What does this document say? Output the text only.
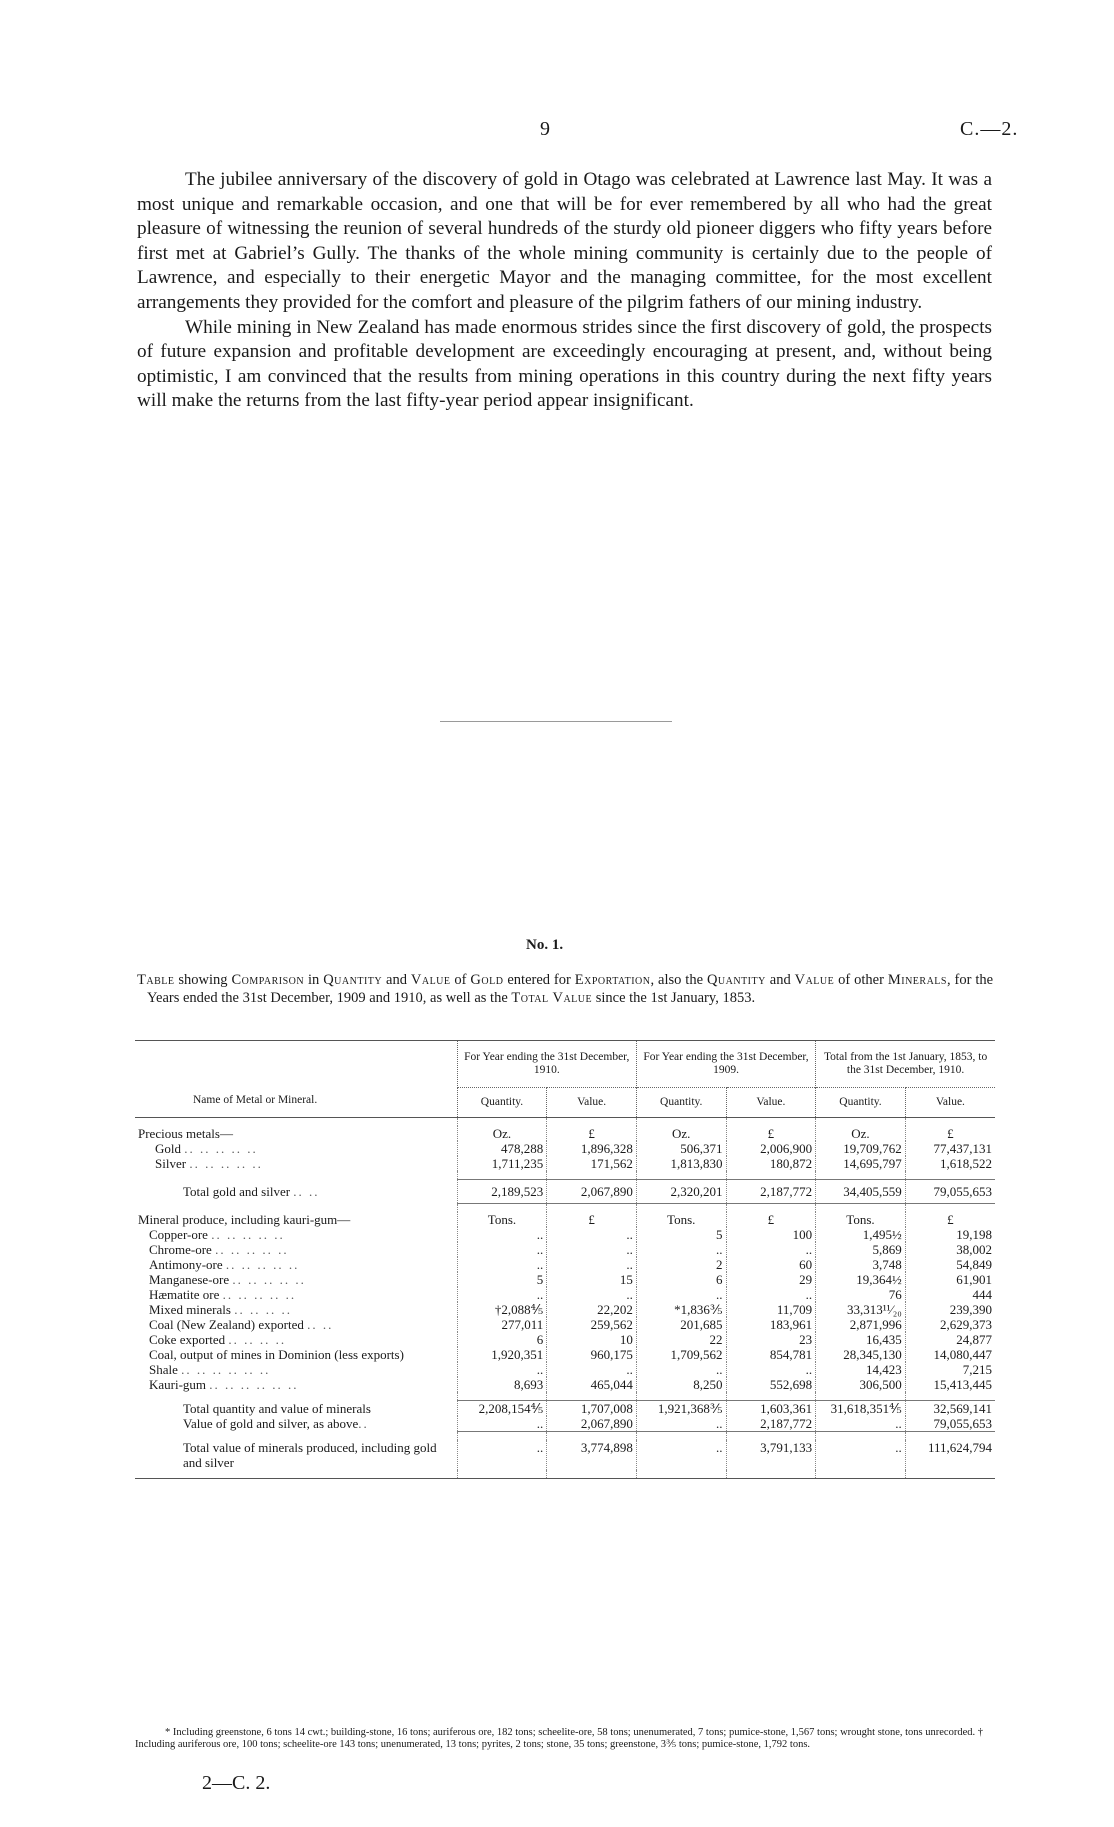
9	C.—2.

The jubilee anniversary of the discovery of gold in Otago was celebrated at Lawrence last May. It was a most unique and remarkable occasion, and one that will be for ever remembered by all who had the great pleasure of witnessing the reunion of several hundreds of the sturdy old pioneer diggers who fifty years before first met at Gabriel’s Gully. The thanks of the whole mining community is certainly due to the people of Lawrence, and especially to their energetic Mayor and the managing committee, for the most excellent arrangements they provided for the comfort and pleasure of the pilgrim fathers of our mining industry.

While mining in New Zealand has made enormous strides since the first discovery of gold, the prospects of future expansion and profitable development are exceedingly encouraging at present, and, without being optimistic, I am convinced that the results from mining operations in this country during the next fifty years will make the returns from the last fifty-year period appear insignificant.

No. 1.
Table showing Comparison in Quantity and Value of Gold entered for Exportation, also the Quantity and Value of other Minerals, for the Years ended the 31st December, 1909 and 1910, as well as the Total Value since the 1st January, 1853.

Name of Metal or Mineral.	For Year ending the 31st December, 1910.		For Year ending the 31st December, 1909.		Total from the 1st January, 1853, to the 31st December, 1910.	
	Quantity.	Value.	Quantity.	Value.	Quantity.	Value.

Precious metals—	Oz.	£	Oz.	£	Oz.	£
Gold .. .. .. .. ..	478,288	1,896,328	506,371	2,006,900	19,709,762	77,437,131
Silver .. .. .. .. ..	1,711,235	171,562	1,813,830	180,872	14,695,797	1,618,522

Total gold and silver .. ..	2,189,523	2,067,890	2,320,201	2,187,772	34,405,559	79,055,653

Mineral produce, including kauri-gum—	Tons.	£	Tons.	£	Tons.	£
Copper-ore .. .. .. .. ..	..	..	5	100	1,495½	19,198
Chrome-ore .. .. .. .. ..	..	..	..	..	5,869	38,002
Antimony-ore .. .. .. .. ..	..	..	2	60	3,748	54,849
Manganese-ore .. .. .. .. ..	5	15	6	29	19,364½	61,901
Hæmatite ore .. .. .. .. ..	..	..	..	..	76	444
Mixed minerals .. .. .. ..	†2,088⅘	22,202	*1,836⅗	11,709	33,313¹¹⁄₂₀	239,390
Coal (New Zealand) exported .. ..	277,011	259,562	201,685	183,961	2,871,996	2,629,373
Coke exported .. .. .. ..	6	10	22	23	16,435	24,877
Coal, output of mines in Dominion (less exports)	1,920,351	960,175	1,709,562	854,781	28,345,130	14,080,447
Shale .. .. .. .. .. ..	..	..	..	..	14,423	7,215
Kauri-gum .. .. .. .. .. ..	8,693	465,044	8,250	552,698	306,500	15,413,445

Total quantity and value of minerals	2,208,154⅘	1,707,008	1,921,368⅗	1,603,361	31,618,351⅘	32,569,141
Value of gold and silver, as above..	..	2,067,890	..	2,187,772	..	79,055,653

Total value of minerals produced, including gold and silver	..	3,774,898	..	3,791,133	..	111,624,794

* Including greenstone, 6 tons 14 cwt.; building-stone, 16 tons; auriferous ore, 182 tons; scheelite-ore, 58 tons; unenumerated, 7 tons; pumice-stone, 1,567 tons; wrought stone, tons unrecorded. † Including auriferous ore, 100 tons; scheelite-ore 143 tons; unenumerated, 13 tons; pyrites, 2 tons; stone, 35 tons; greenstone, 3⅗ tons; pumice-stone, 1,792 tons.
2—C. 2.
